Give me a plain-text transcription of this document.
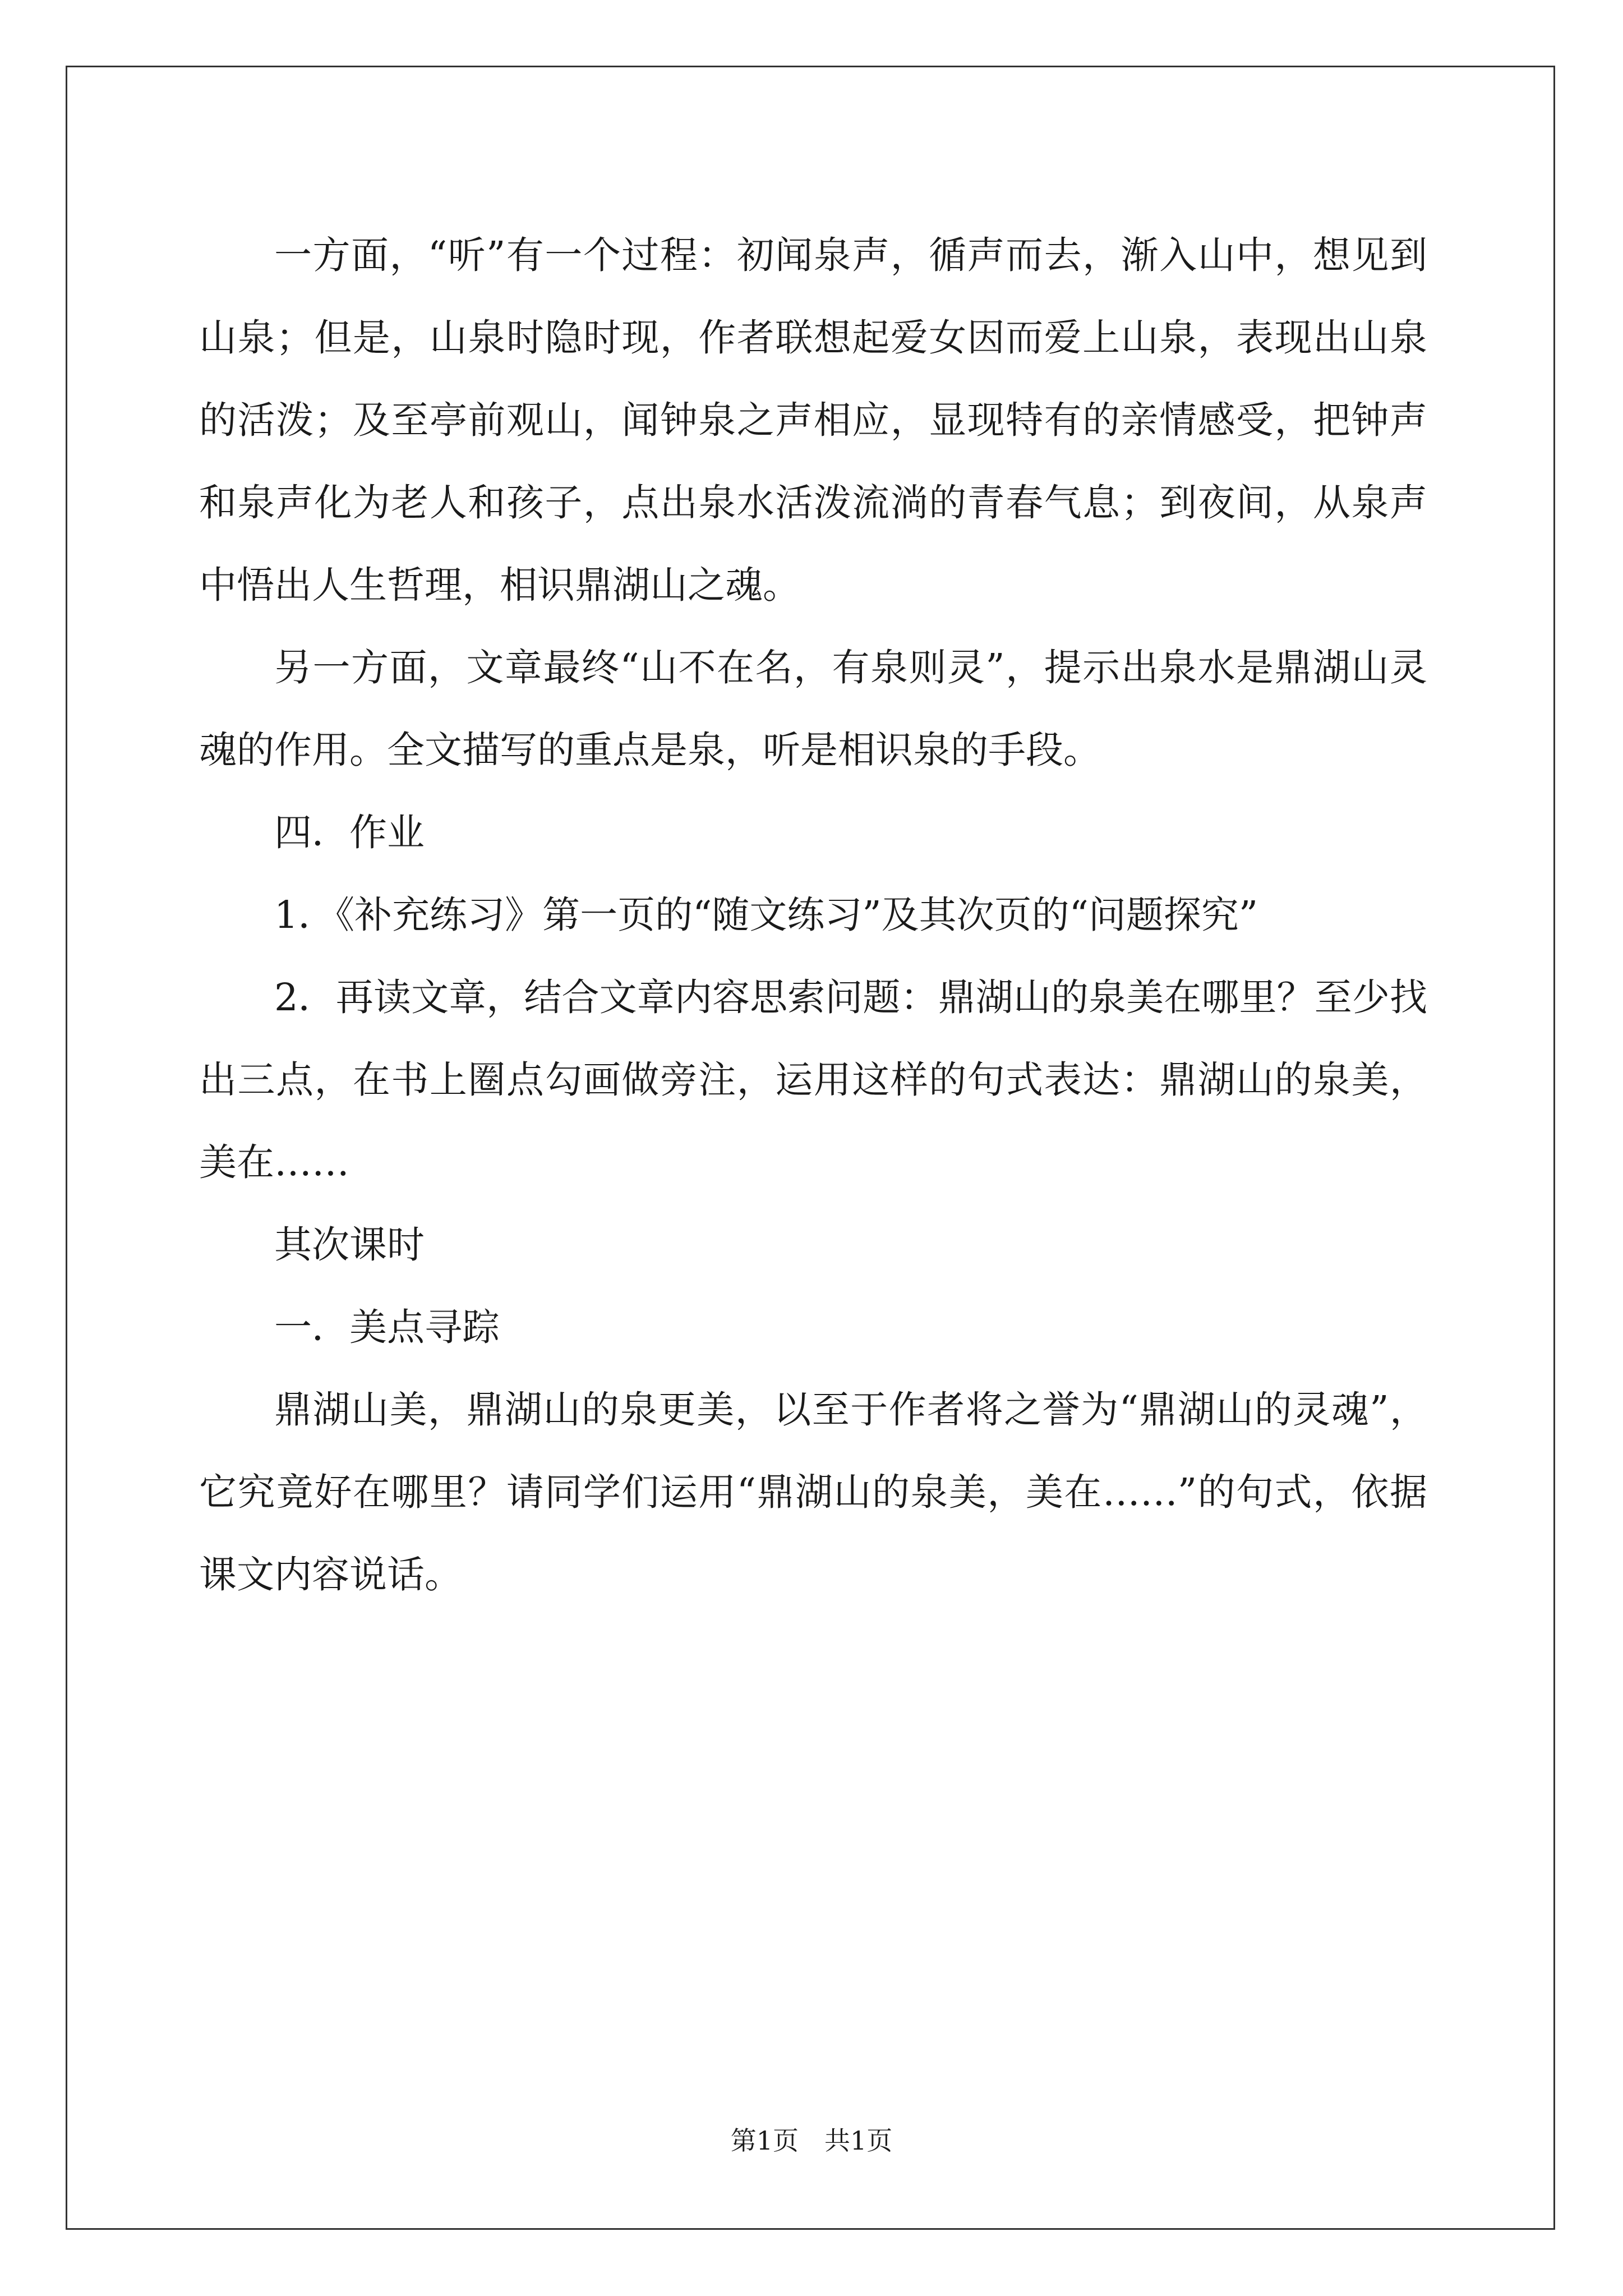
一方面，“听”有一个过程：初闻泉声，循声而去，渐入山中，想见到山泉；但是，山泉时隐时现，作者联想起爱女因而爱上山泉，表现出山泉的活泼；及至亭前观山，闻钟泉之声相应，显现特有的亲情感受，把钟声和泉声化为老人和孩子，点出泉水活泼流淌的青春气息；到夜间，从泉声中悟出人生哲理，相识鼎湖山之魂。

另一方面，文章最终“山不在名，有泉则灵”，提示出泉水是鼎湖山灵魂的作用。全文描写的重点是泉，听是相识泉的手段。

四．作业

1．《补充练习》第一页的“随文练习”及其次页的“问题探究”

2．再读文章，结合文章内容思索问题：鼎湖山的泉美在哪里？至少找出三点，在书上圈点勾画做旁注，运用这样的句式表达：鼎湖山的泉美，美在……

其次课时

一．美点寻踪

鼎湖山美，鼎湖山的泉更美，以至于作者将之誉为“鼎湖山的灵魂”，它究竟好在哪里？请同学们运用“鼎湖山的泉美，美在……”的句式，依据课文内容说话。

第1页　共1页
